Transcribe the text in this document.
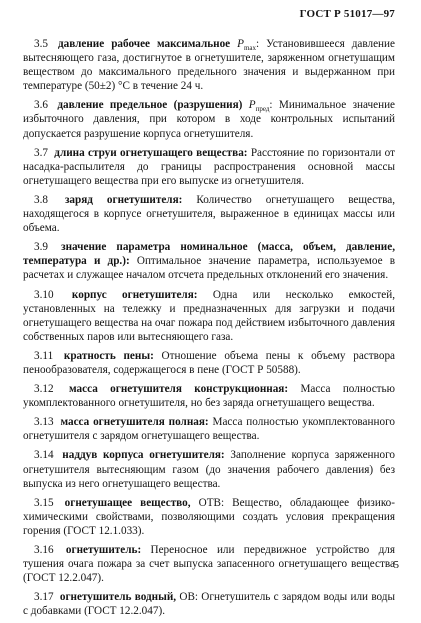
ГОСТ Р 51017—97

3.5 давление рабочее максимальное $P_{max}$: Установившееся давление вытесняющего газа, достигнутое в огнетушителе, заряженном огнетушащим веществом до максимального предельного значения и выдержанном при температуре (50±2) °С в течение 24 ч.

3.6 давление предельное (разрушения) $P_{пред}$: Минимальное значение избыточного давления, при котором в ходе контрольных испытаний допускается разрушение корпуса огнетушителя.

3.7 длина струи огнетушащего вещества: Расстояние по горизонтали от насадка-распылителя до границы распространения основной массы огнетушащего вещества при его выпуске из огнетушителя.

3.8 заряд огнетушителя: Количество огнетушащего вещества, находящегося в корпусе огнетушителя, выраженное в единицах массы или объема.

3.9 значение параметра номинальное (масса, объем, давление, температура и др.): Оптимальное значение параметра, используемое в расчетах и служащее началом отсчета предельных отклонений его значения.

3.10 корпус огнетушителя: Одна или несколько емкостей, установленных на тележку и предназначенных для загрузки и подачи огнетушащего вещества на очаг пожара под действием избыточного давления собственных паров или вытесняющего газа.

3.11 кратность пены: Отношение объема пены к объему раствора пенообразователя, содержащегося в пене (ГОСТ Р 50588).

3.12 масса огнетушителя конструкционная: Масса полностью укомплектованного огнетушителя, но без заряда огнетушащего вещества.

3.13 масса огнетушителя полная: Масса полностью укомплектованного огнетушителя с зарядом огнетушащего вещества.

3.14 наддув корпуса огнетушителя: Заполнение корпуса заряженного огнетушителя вытесняющим газом (до значения рабочего давления) без выпуска из него огнетушащего вещества.

3.15 огнетушащее вещество, ОТВ: Вещество, обладающее физико-химическими свойствами, позволяющими создать условия прекращения горения (ГОСТ 12.1.033).

3.16 огнетушитель: Переносное или передвижное устройство для тушения очага пожара за счет выпуска запасенного огнетушащего вещества (ГОСТ 12.2.047).

3.17 огнетушитель водный, ОВ: Огнетушитель с зарядом воды или воды с добавками (ГОСТ 12.2.047).

5
